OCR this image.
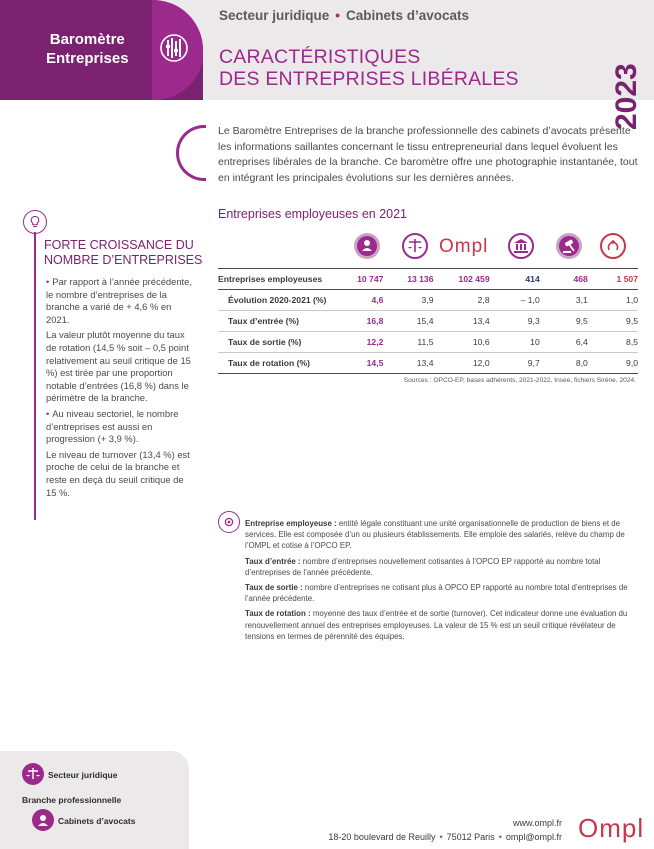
Baromètre
Entreprises
Secteur juridique • Cabinets d’avocats
CARACTÉRISTIQUES
DES ENTREPRISES LIBÉRALES	2023
Le Baromètre Entreprises de la branche professionnelle des cabinets d’avocats présente les informations saillantes concernant le tissu entrepreneurial dans lequel évoluent les entreprises libérales de la branche. Ce baromètre offre une photographie instantanée, tout en intégrant les principales évolutions sur les dernières années.
FORTE CROISSANCE DU
NOMBRE D’ENTREPRISES

• Par rapport à l’année précédente, le nombre d’entreprises de la branche a varié de + 4,6 % en 2021.

La valeur plutôt moyenne du taux de rotation (14,5 % soit – 0,5 point relativement au seuil critique de 15 %) est tirée par une proportion notable d’entrées (16,8 %) dans le périmètre de la branche.

• Au niveau sectoriel, le nombre d’entreprises est aussi en progression (+ 3,9 %).

Le niveau de turnover (13,4 %) est proche de celui de la branche et reste en deçà du seuil critique de 15 %.

Entreprises employeuses en 2021
Ompl
Entreprises employeuses	10 747	13 136	102 459	414	468	1 507
Évolution 2020-2021 (%)	4,6	3,9	2,8	– 1,0	3,1	1,0
Taux d’entrée (%)	16,8	15,4	13,4	9,3	9,5	9,5
Taux de sortie (%)	12,2	11,5	10,6	10	6,4	8,5
Taux de rotation (%)	14,5	13,4	12,0	9,7	8,0	9,0
Sources : OPCO-EP, bases adhérents, 2021-2022, Insee, fichiers Sirène, 2024.

Entreprise employeuse : entité légale constituant une unité organisationnelle de production de biens et de services. Elle est composée d’un ou plusieurs établissements. Elle emploie des salariés, relève du champ de l’OMPL et cotise à l’OPCO EP.

Taux d’entrée : nombre d’entreprises nouvellement cotisantes à l’OPCO EP rapporté au nombre total d’entreprises de l’année précédente.

Taux de sortie : nombre d’entreprises ne cotisant plus à OPCO EP rapporté au nombre total d’entreprises de l’année précédente.

Taux de rotation : moyenne des taux d’entrée et de sortie (turnover). Cet indicateur donne une évaluation du renouvellement annuel des entreprises employeuses. La valeur de 15 % est un seuil critique révélateur de tensions en termes de pérennité des équipes.

Secteur juridique
Branche professionnelle
Cabinets d’avocats	www.ompl.fr
18-20 boulevard de Reuilly • 75012 Paris • ompl@ompl.fr Ompl
